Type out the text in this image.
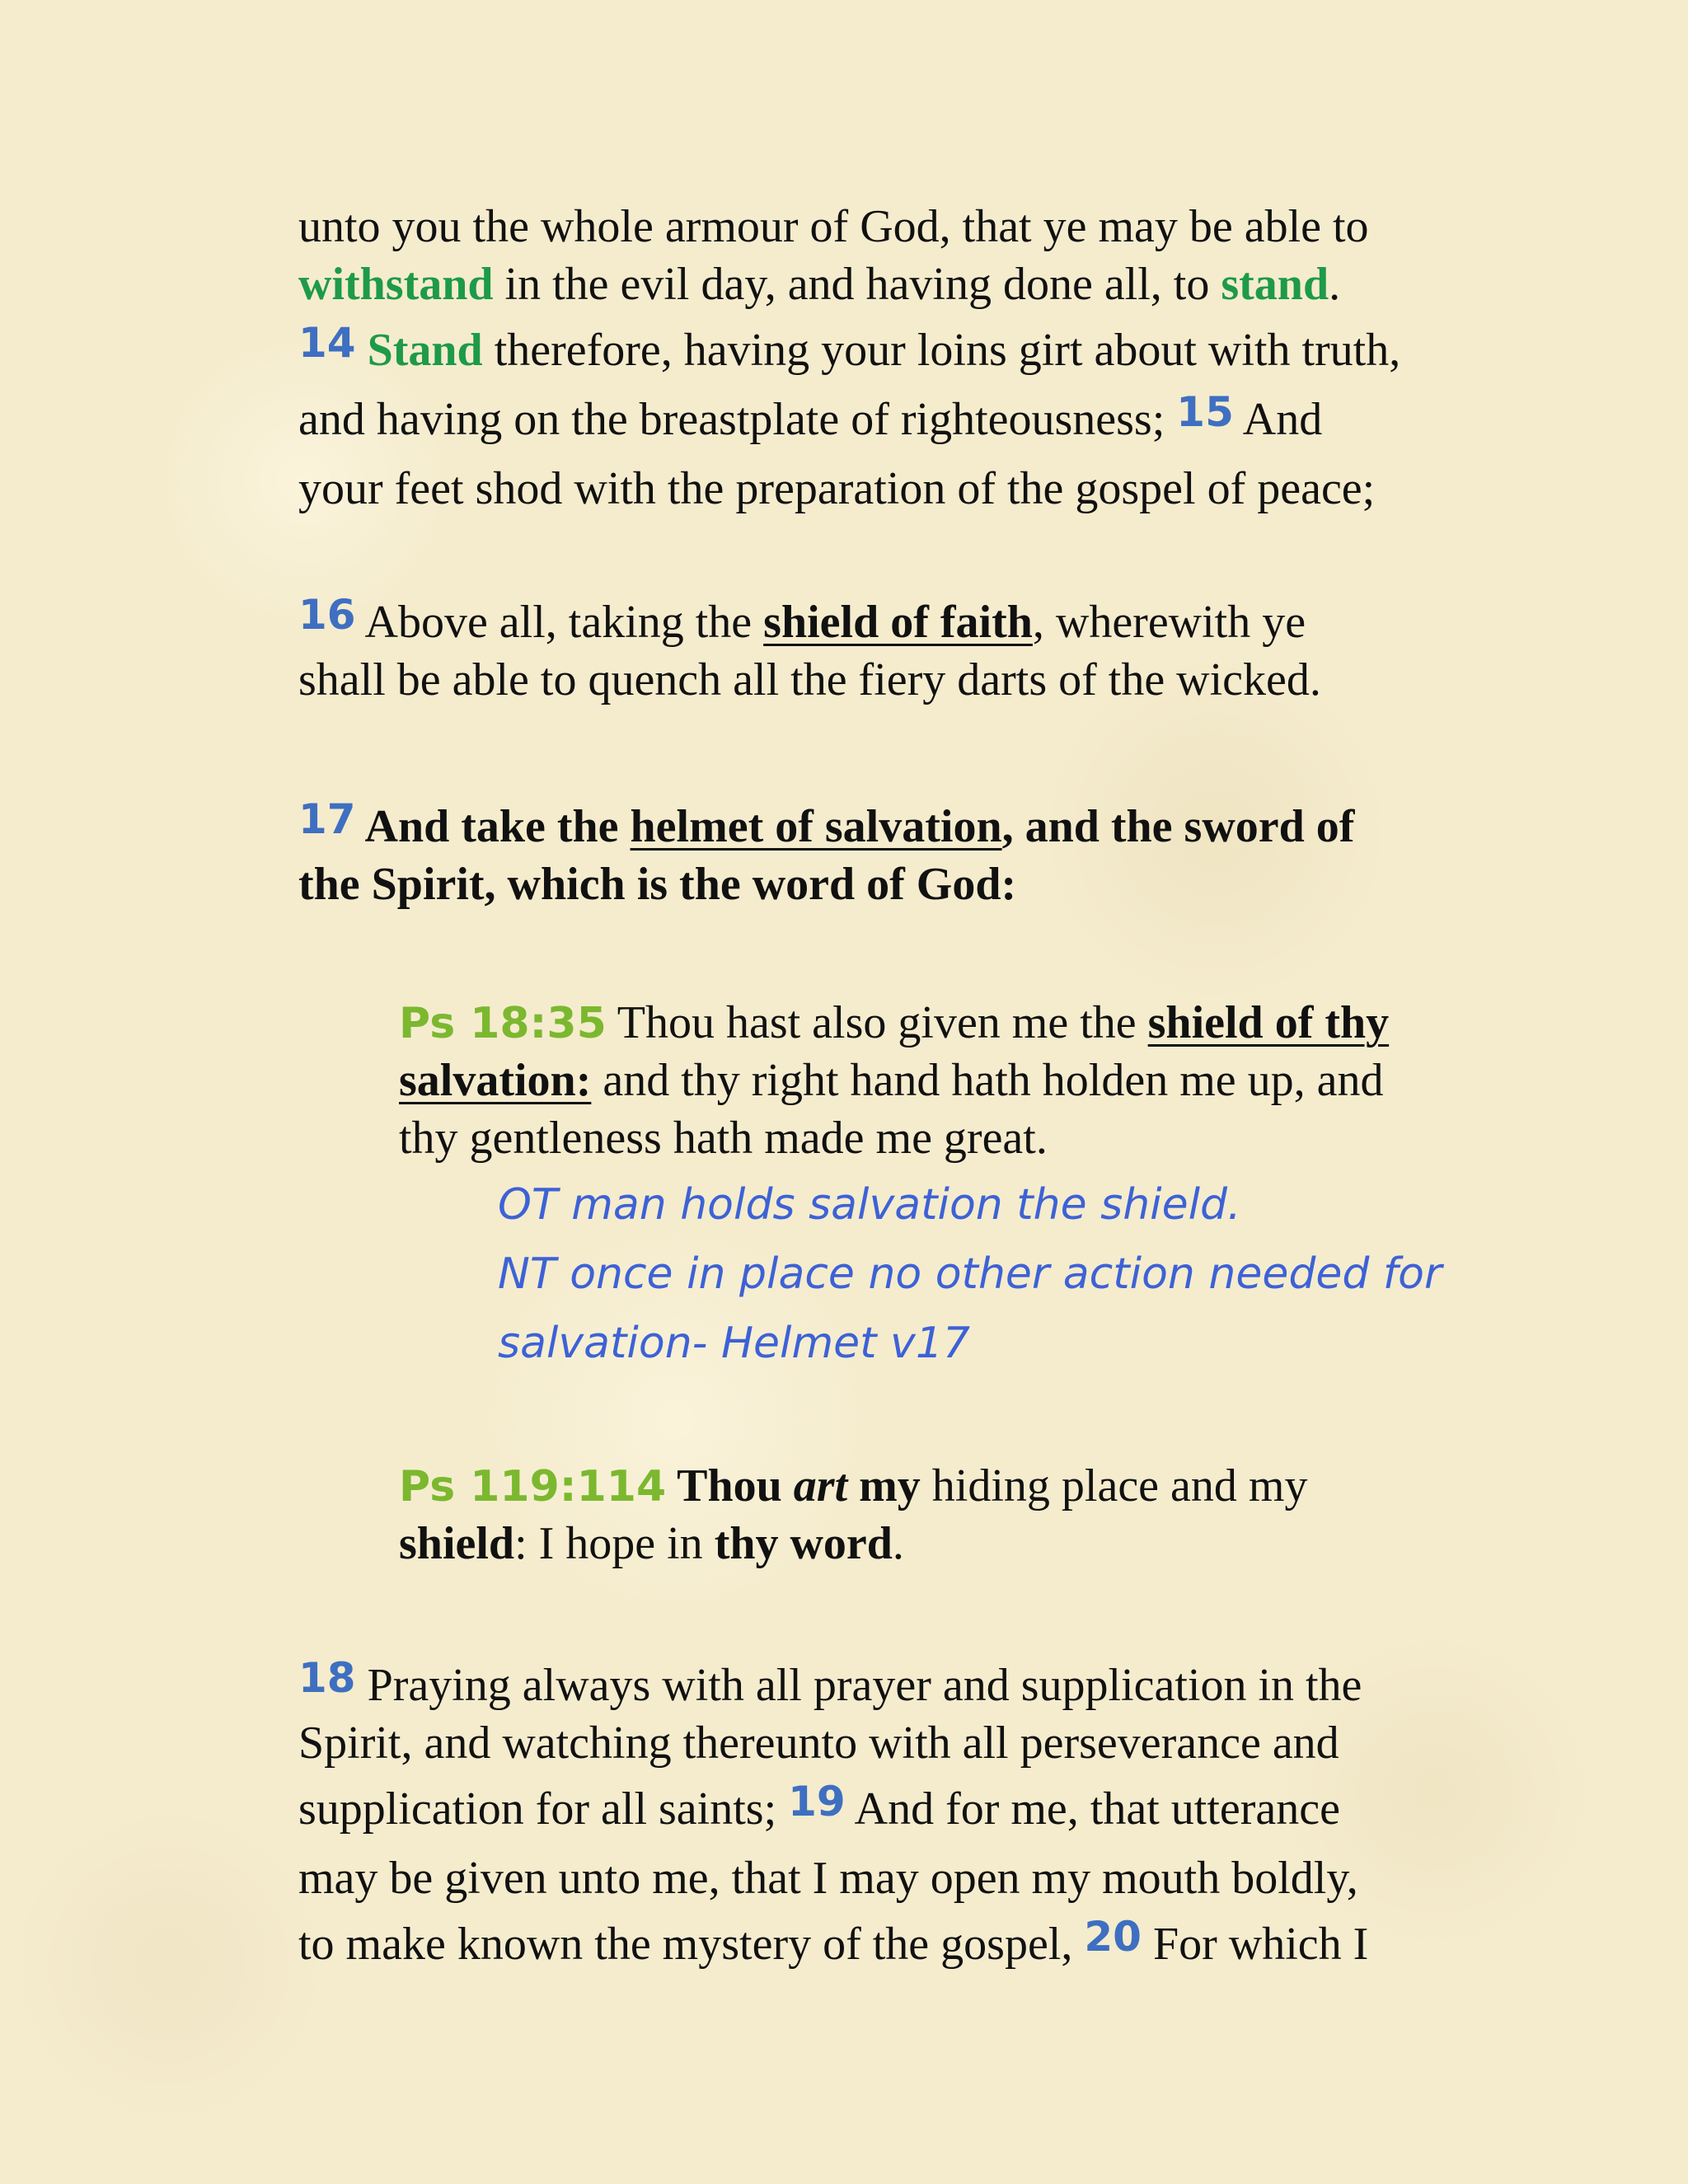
unto you the whole armour of God, that ye may be able to
withstand in the evil day, and having done all, to stand.
14 Stand therefore, having your loins girt about with truth,
and having on the breastplate of righteousness; 15 And
your feet shod with the preparation of the gospel of peace;
16 Above all, taking the shield of faith, wherewith ye
shall be able to quench all the fiery darts of the wicked.
17 And take the helmet of salvation, and the sword of
the Spirit, which is the word of God:
Ps 18:35 Thou hast also given me the shield of thy
salvation: and thy right hand hath holden me up, and
thy gentleness hath made me great.
OT man holds salvation the shield.
NT once in place no other action needed for
salvation- Helmet v17
Ps 119:114 Thou art my hiding place and my
shield: I hope in thy word.
18 Praying always with all prayer and supplication in the
Spirit, and watching thereunto with all perseverance and
supplication for all saints; 19 And for me, that utterance
may be given unto me, that I may open my mouth boldly,
to make known the mystery of the gospel, 20 For which I
